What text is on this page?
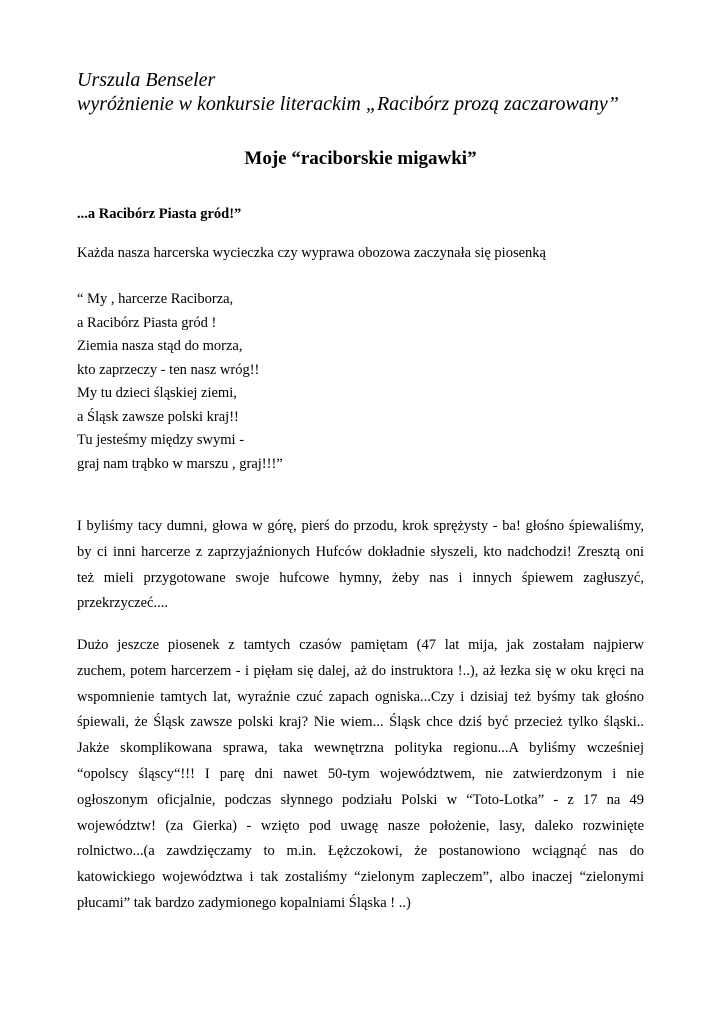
Urszula Benseler
wyróżnienie w konkursie literackim „Racibórz prozą zaczarowany”
Moje “raciborskie migawki”
...a Racibórz Piasta gród!”
Każda nasza harcerska wycieczka czy wyprawa obozowa zaczynała się piosenką
“ My , harcerze Raciborza,
a Racibórz Piasta gród !
Ziemia nasza stąd do morza,
kto zaprzeczy - ten nasz wróg!!
My tu dzieci śląskiej ziemi,
a Śląsk zawsze polski kraj!!
Tu jesteśmy między swymi -
graj nam trąbko w marszu , graj!!!”
I byliśmy tacy dumni, głowa w górę, pierś do przodu, krok sprężysty - ba! głośno śpiewaliśmy,
by ci inni harcerze z zaprzyjaźnionych Hufców dokładnie słyszeli, kto nadchodzi! Zresztą oni
też mieli przygotowane swoje hufcowe hymny, żeby nas i innych śpiewem zagłuszyć,
przekrzyczeć....
Dużo jeszcze piosenek z tamtych czasów pamiętam (47 lat mija, jak zostałam najpierw
zuchem, potem harcerzem - i pięłam się dalej, aż do instruktora !..), aż łezka się w oku kręci na
wspomnienie tamtych lat, wyraźnie czuć zapach ogniska...Czy i dzisiaj też byśmy tak głośno
śpiewali, że Śląsk zawsze polski kraj? Nie wiem... Śląsk chce dziś być przecież tylko śląski..
Jakże skomplikowana sprawa, taka wewnętrzna polityka regionu...A byliśmy wcześniej
“opolscy śląscy“!!! I parę dni nawet 50-tym województwem, nie zatwierdzonym i nie
ogłoszonym oficjalnie, podczas słynnego podziału Polski w “Toto-Lotka” - z 17 na 49
województw! (za Gierka) - wzięto pod uwagę nasze położenie, lasy, daleko rozwinięte
rolnictwo...(a zawdzięczamy to m.in. Łężczokowi, że postanowiono wciągnąć nas do
katowickiego województwa i tak zostaliśmy “zielonym zapleczem”, albo inaczej “zielonymi
płucami” tak bardzo zadymionego kopalniami Śląska ! ..)
